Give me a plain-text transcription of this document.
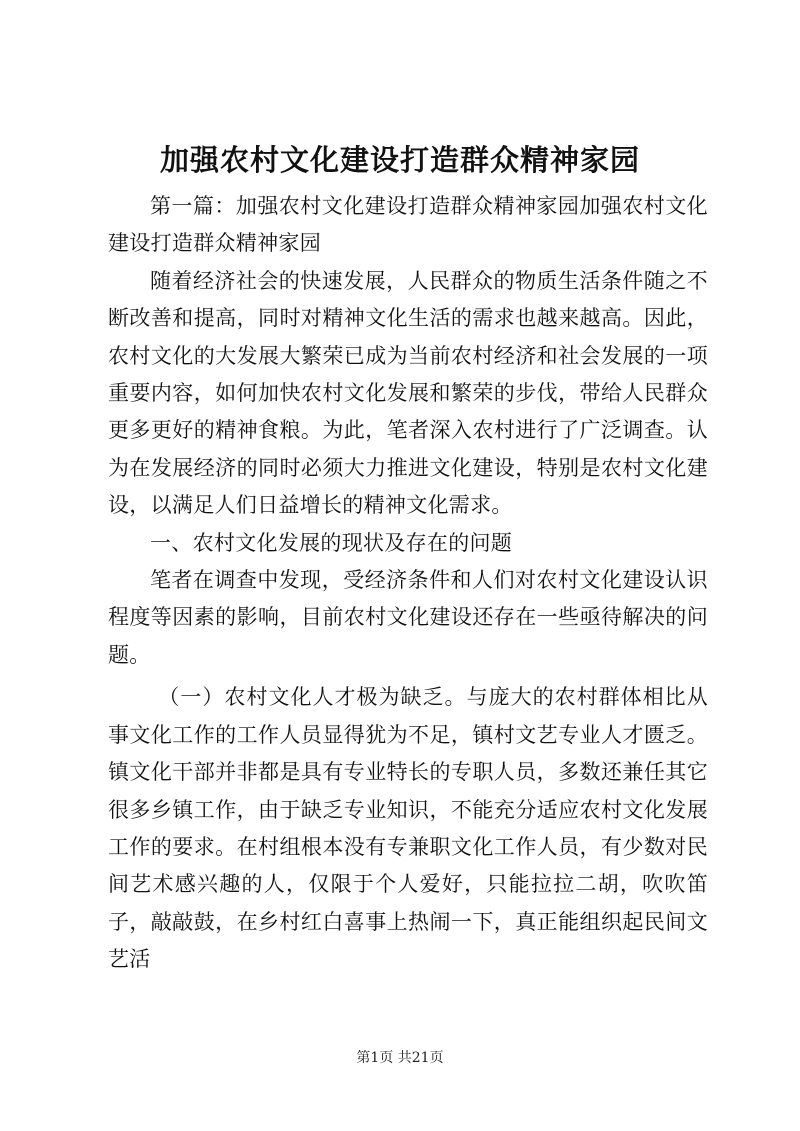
加强农村文化建设打造群众精神家园

第一篇：加强农村文化建设打造群众精神家园加强农村文化建设打造群众精神家园

随着经济社会的快速发展，人民群众的物质生活条件随之不断改善和提高，同时对精神文化生活的需求也越来越高。因此，农村文化的大发展大繁荣已成为当前农村经济和社会发展的一项重要内容，如何加快农村文化发展和繁荣的步伐，带给人民群众更多更好的精神食粮。为此，笔者深入农村进行了广泛调查。认为在发展经济的同时必须大力推进文化建设，特别是农村文化建设，以满足人们日益增长的精神文化需求。

一、农村文化发展的现状及存在的问题

笔者在调查中发现，受经济条件和人们对农村文化建设认识程度等因素的影响，目前农村文化建设还存在一些亟待解决的问题。

（一）农村文化人才极为缺乏。与庞大的农村群体相比从事文化工作的工作人员显得犹为不足，镇村文艺专业人才匮乏。镇文化干部并非都是具有专业特长的专职人员，多数还兼任其它很多乡镇工作，由于缺乏专业知识，不能充分适应农村文化发展工作的要求。在村组根本没有专兼职文化工作人员，有少数对民间艺术感兴趣的人，仅限于个人爱好，只能拉拉二胡，吹吹笛子，敲敲鼓，在乡村红白喜事上热闹一下，真正能组织起民间文艺活

第1页 共21页
